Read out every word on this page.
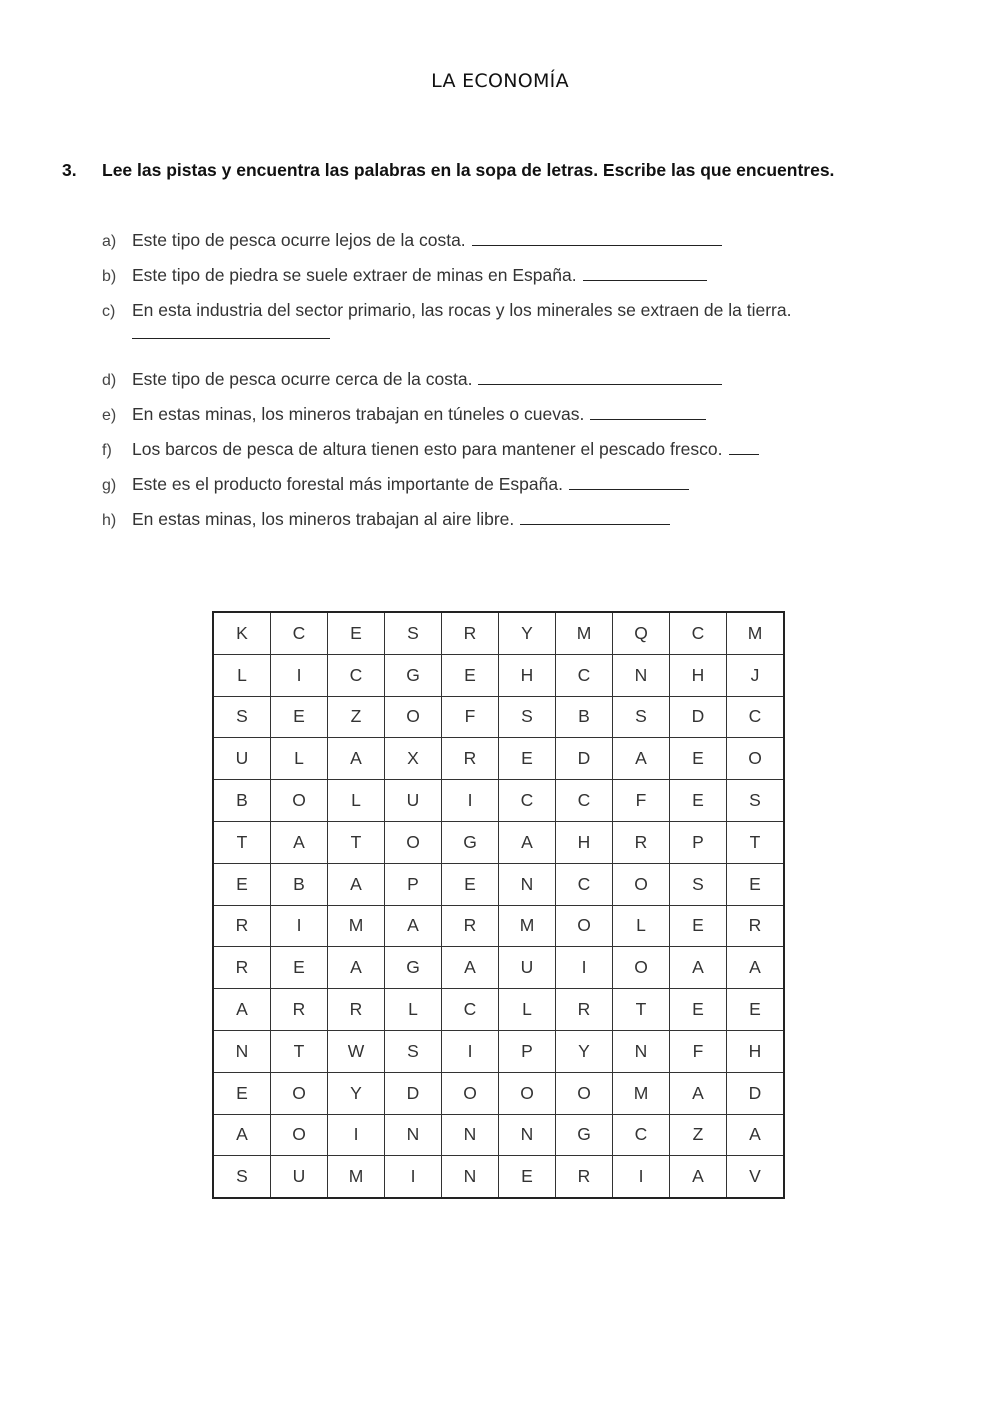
LA ECONOMÍA
3. Lee las pistas y encuentra las palabras en la sopa de letras. Escribe las que encuentres.
a) Este tipo de pesca ocurre lejos de la costa.
b) Este tipo de piedra se suele extraer de minas en España.
c) En esta industria del sector primario, las rocas y los minerales se extraen de la tierra.
d) Este tipo de pesca ocurre cerca de la costa.
e) En estas minas, los mineros trabajan en túneles o cuevas.
f) Los barcos de pesca de altura tienen esto para mantener el pescado fresco.
g) Este es el producto forestal más importante de España.
h) En estas minas, los mineros trabajan al aire libre.
K	C	E	S	R	Y	M	Q	C	M
L	I	C	G	E	H	C	N	H	J
S	E	Z	O	F	S	B	S	D	C
U	L	A	X	R	E	D	A	E	O
B	O	L	U	I	C	C	F	E	S
T	A	T	O	G	A	H	R	P	T
E	B	A	P	E	N	C	O	S	E
R	I	M	A	R	M	O	L	E	R
R	E	A	G	A	U	I	O	A	A
A	R	R	L	C	L	R	T	E	E
N	T	W	S	I	P	Y	N	F	H
E	O	Y	D	O	O	O	M	A	D
A	O	I	N	N	N	G	C	Z	A
S	U	M	I	N	E	R	I	A	V
